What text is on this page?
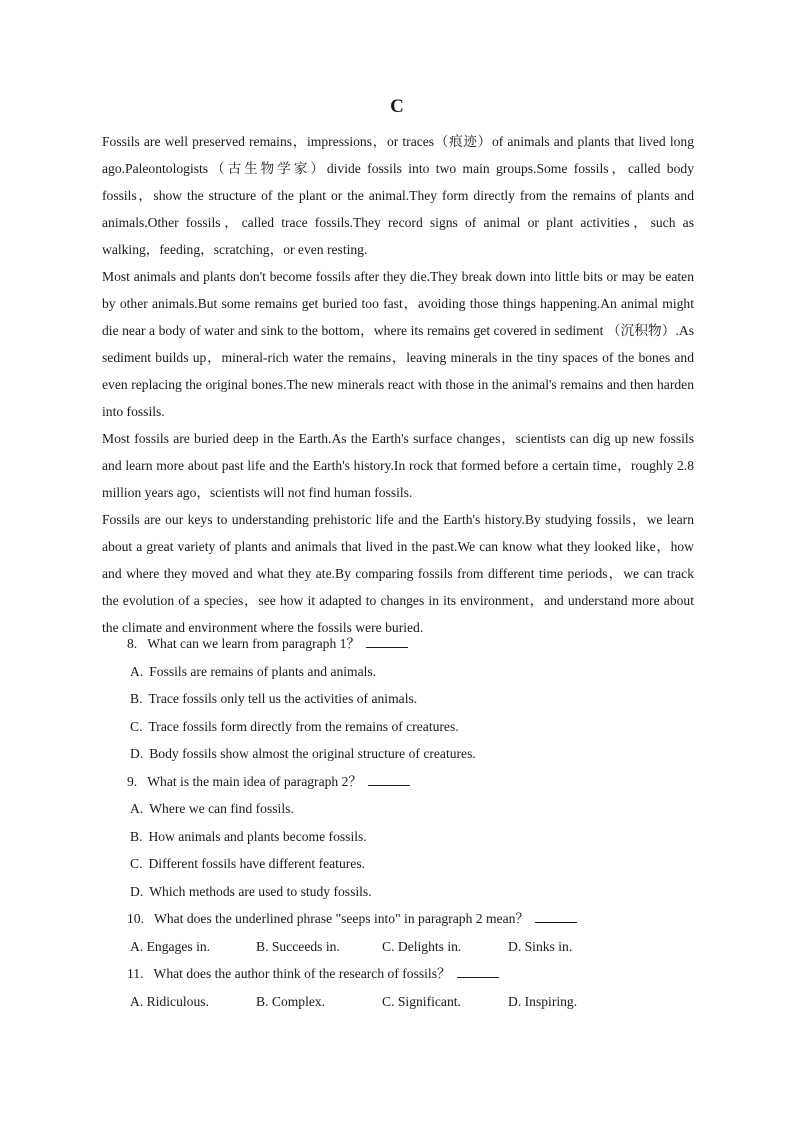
C

Fossils are well preserved remains，impressions，or traces（痕迹）of animals and plants that lived long ago.Paleontologists（古生物学家）divide fossils into two main groups.Some fossils，called body fossils，show the structure of the plant or the animal.They form directly from the remains of plants and animals.Other fossils，called trace fossils.They record signs of animal or plant activities，such as walking，feeding，scratching，or even resting.

Most animals and plants don't become fossils after they die.They break down into little bits or may be eaten by other animals.But some remains get buried too fast，avoiding those things happening.An animal might die near a body of water and sink to the bottom，where its remains get covered in sediment （沉积物）.As sediment builds up，mineral-rich water the remains，leaving minerals in the tiny spaces of the bones and even replacing the original bones.The new minerals react with those in the animal's remains and then harden into fossils.

Most fossils are buried deep in the Earth.As the Earth's surface changes，scientists can dig up new fossils and learn more about past life and the Earth's history.In rock that formed before a certain time，roughly 2.8 million years ago，scientists will not find human fossils.

Fossils are our keys to understanding prehistoric life and the Earth's history.By studying fossils，we learn about a great variety of plants and animals that lived in the past.We can know what they looked like，how and where they moved and what they ate.By comparing fossils from different time periods，we can track the evolution of a species，see how it adapted to changes in its environment，and understand more about the climate and environment where the fossils were buried.

8. What can we learn from paragraph 1？
A. Fossils are remains of plants and animals.
B. Trace fossils only tell us the activities of animals.
C. Trace fossils form directly from the remains of creatures.
D. Body fossils show almost the original structure of creatures.
9. What is the main idea of paragraph 2？
A. Where we can find fossils.
B. How animals and plants become fossils.
C. Different fossils have different features.
D. Which methods are used to study fossils.
10. What does the underlined phrase "seeps into" in paragraph 2 mean？
A. Engages in.	B. Succeeds in.	C. Delights in.	D. Sinks in.
11. What does the author think of the research of fossils？
A. Ridiculous.	B. Complex.	C. Significant.	D. Inspiring.
